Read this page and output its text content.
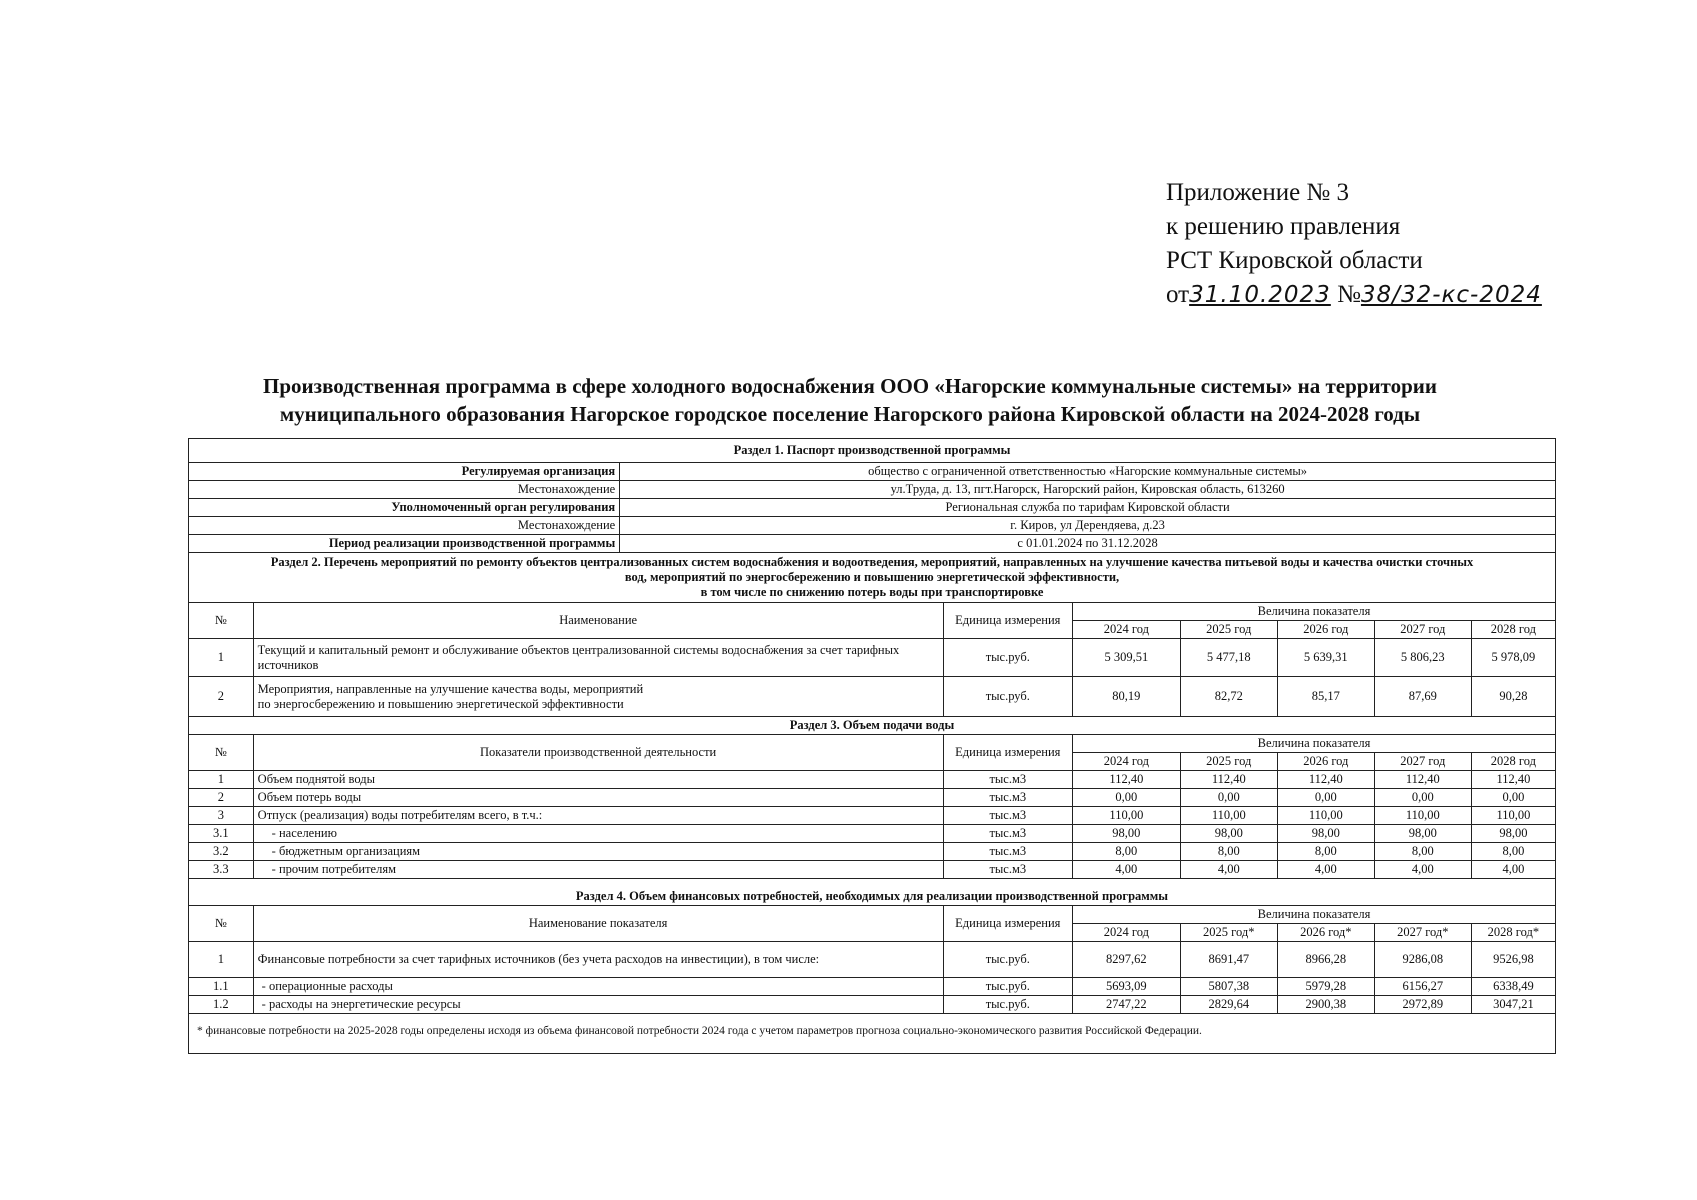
Приложение № 3
к решению правления
РСТ Кировской области
от31.10.2023 №38/32-кс-2024
Производственная программа в сфере холодного водоснабжения ООО «Нагорские коммунальные системы» на территории
муниципального образования Нагорское городское поселение Нагорского района Кировской области на 2024-2028 годы
Раздел 1. Паспорт производственной программы								
Регулируемая организация		общество с ограниченной ответственностью «Нагорские коммунальные системы»						
Местонахождение		ул.Труда, д. 13, пгт.Нагорск, Нагорский район, Кировская область, 613260						
Уполномоченный орган регулирования		Региональная служба по тарифам Кировской области						
Местонахождение		г. Киров, ул Дерендяева, д.23						
Период реализации производственной программы		с 01.01.2024 по 31.12.2028						

Раздел 2. Перечень мероприятий по ремонту объектов централизованных систем водоснабжения и водоотведения, мероприятий, направленных на улучшение качества питьевой воды и качества очистки сточных
вод, мероприятий по энергосбережению и повышению энергетической эффективности,
в том числе по снижению потерь воды при транспортировке								

№	Наименование		Единица измерения	Величина показателя				
				2024 год	2025 год	2026 год	2027 год	2028 год
1	Текущий и капитальный ремонт и обслуживание объектов централизованной системы водоснабжения за счет тарифных источников		тыс.руб.	5 309,51	5 477,18	5 639,31	5 806,23	5 978,09
2	Мероприятия, направленные на улучшение качества воды, мероприятий
по энергосбережению и повышению энергетической эффективности		тыс.руб.	80,19	82,72	85,17	87,69	90,28
Раздел 3. Объем подачи воды								
№	Показатели производственной деятельности		Единица измерения	Величина показателя				
				2024 год	2025 год	2026 год	2027 год	2028 год
1	Объем поднятой воды		тыс.м3	112,40	112,40	112,40	112,40	112,40
2	Объем потерь воды		тыс.м3	0,00	0,00	0,00	0,00	0,00
3	Отпуск (реализация) воды потребителям всего, в т.ч.:		тыс.м3	110,00	110,00	110,00	110,00	110,00
3.1	- населению		тыс.м3	98,00	98,00	98,00	98,00	98,00
3.2	- бюджетным организациям		тыс.м3	8,00	8,00	8,00	8,00	8,00
3.3	- прочим потребителям		тыс.м3	4,00	4,00	4,00	4,00	4,00
Раздел 4. Объем финансовых потребностей, необходимых для реализации производственной программы								
№	Наименование показателя		Единица измерения	Величина показателя				
				2024 год	2025 год*	2026 год*	2027 год*	2028 год*
1	Финансовые потребности за счет тарифных источников (без учета расходов на инвестиции), в том числе:		тыс.руб.	8297,62	8691,47	8966,28	9286,08	9526,98
1.1	- операционные расходы		тыс.руб.	5693,09	5807,38	5979,28	6156,27	6338,49
1.2	- расходы на энергетические ресурсы		тыс.руб.	2747,22	2829,64	2900,38	2972,89	3047,21
* финансовые потребности на 2025-2028 годы определены исходя из объема финансовой потребности 2024 года с учетом параметров прогноза социально-экономического развития Российской Федерации.								
